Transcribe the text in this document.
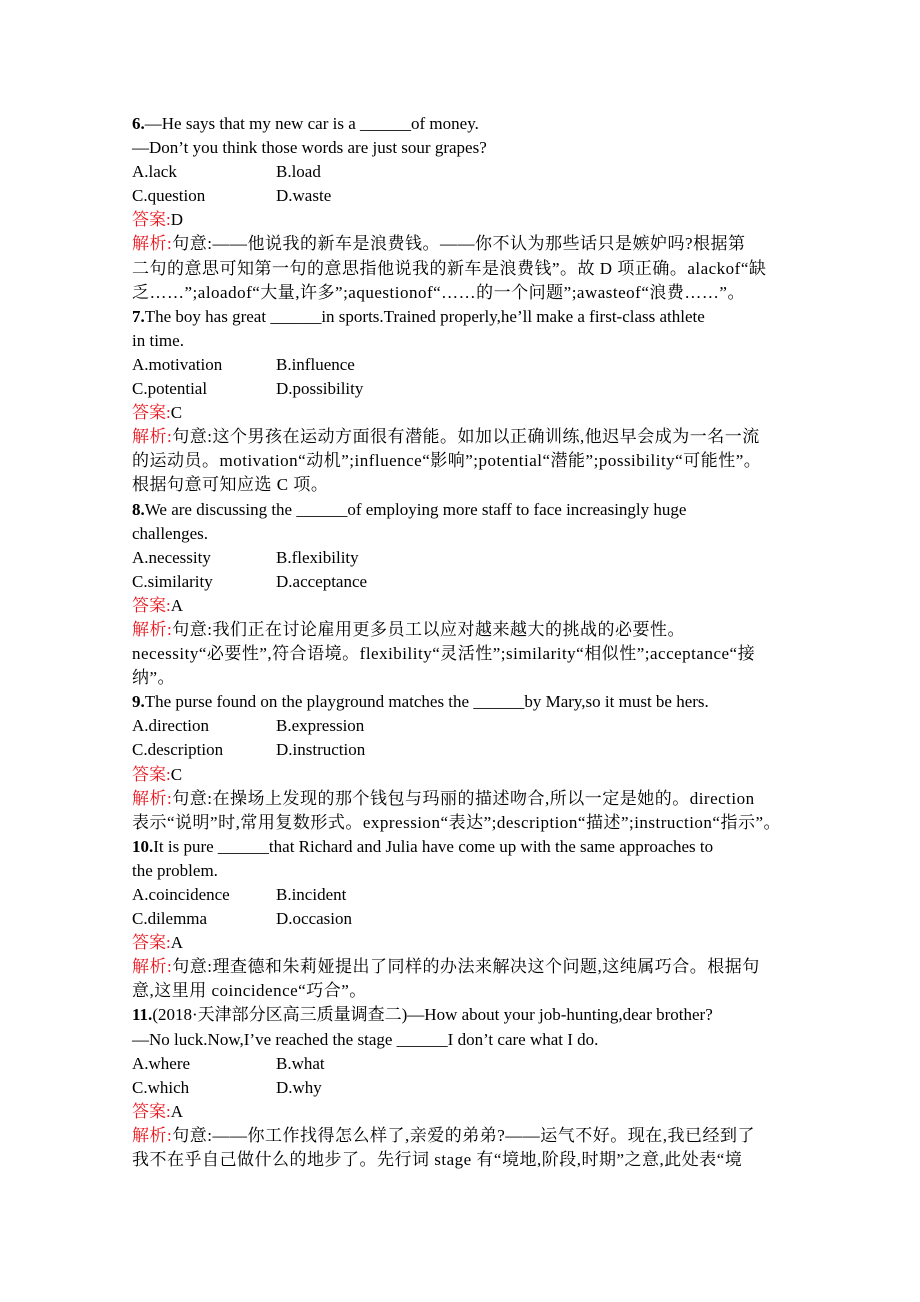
6.—He says that my new car is a ______of money.
—Don’t you think those words are just sour grapes?
A.lack	B.load
C.question	D.waste
答案:D
解析:句意:——他说我的新车是浪费钱。——你不认为那些话只是嫉妒吗?根据第
二句的意思可知第一句的意思指他说我的新车是浪费钱”。故 D 项正确。alackof“缺
乏……”;aloadof“大量,许多”;aquestionof“……的一个问题”;awasteof“浪费……”。
7.The boy has great ______in sports.Trained properly,he’ll make a first-class athlete
in time.
A.motivation	B.influence
C.potential	D.possibility
答案:C
解析:句意:这个男孩在运动方面很有潜能。如加以正确训练,他迟早会成为一名一流
的运动员。motivation“动机”;influence“影响”;potential“潜能”;possibility“可能性”。
根据句意可知应选 C 项。
8.We are discussing the ______of employing more staff to face increasingly huge
challenges.
A.necessity	B.flexibility
C.similarity	D.acceptance
答案:A
解析:句意:我们正在讨论雇用更多员工以应对越来越大的挑战的必要性。
necessity“必要性”,符合语境。flexibility“灵活性”;similarity“相似性”;acceptance“接
纳”。
9.The purse found on the playground matches the ______by Mary,so it must be hers.
A.direction	B.expression
C.description	D.instruction
答案:C
解析:句意:在操场上发现的那个钱包与玛丽的描述吻合,所以一定是她的。direction
表示“说明”时,常用复数形式。expression“表达”;description“描述”;instruction“指示”。
10.It is pure ______that Richard and Julia have come up with the same approaches to
the problem.
A.coincidence	B.incident
C.dilemma	D.occasion
答案:A
解析:句意:理查德和朱莉娅提出了同样的办法来解决这个问题,这纯属巧合。根据句
意,这里用 coincidence“巧合”。
11.(2018·天津部分区高三质量调查二)—How about your job-hunting,dear brother?
—No luck.Now,I’ve reached the stage ______I don’t care what I do.
A.where	B.what
C.which	D.why
答案:A
解析:句意:——你工作找得怎么样了,亲爱的弟弟?——运气不好。现在,我已经到了
我不在乎自己做什么的地步了。先行词 stage 有“境地,阶段,时期”之意,此处表“境
